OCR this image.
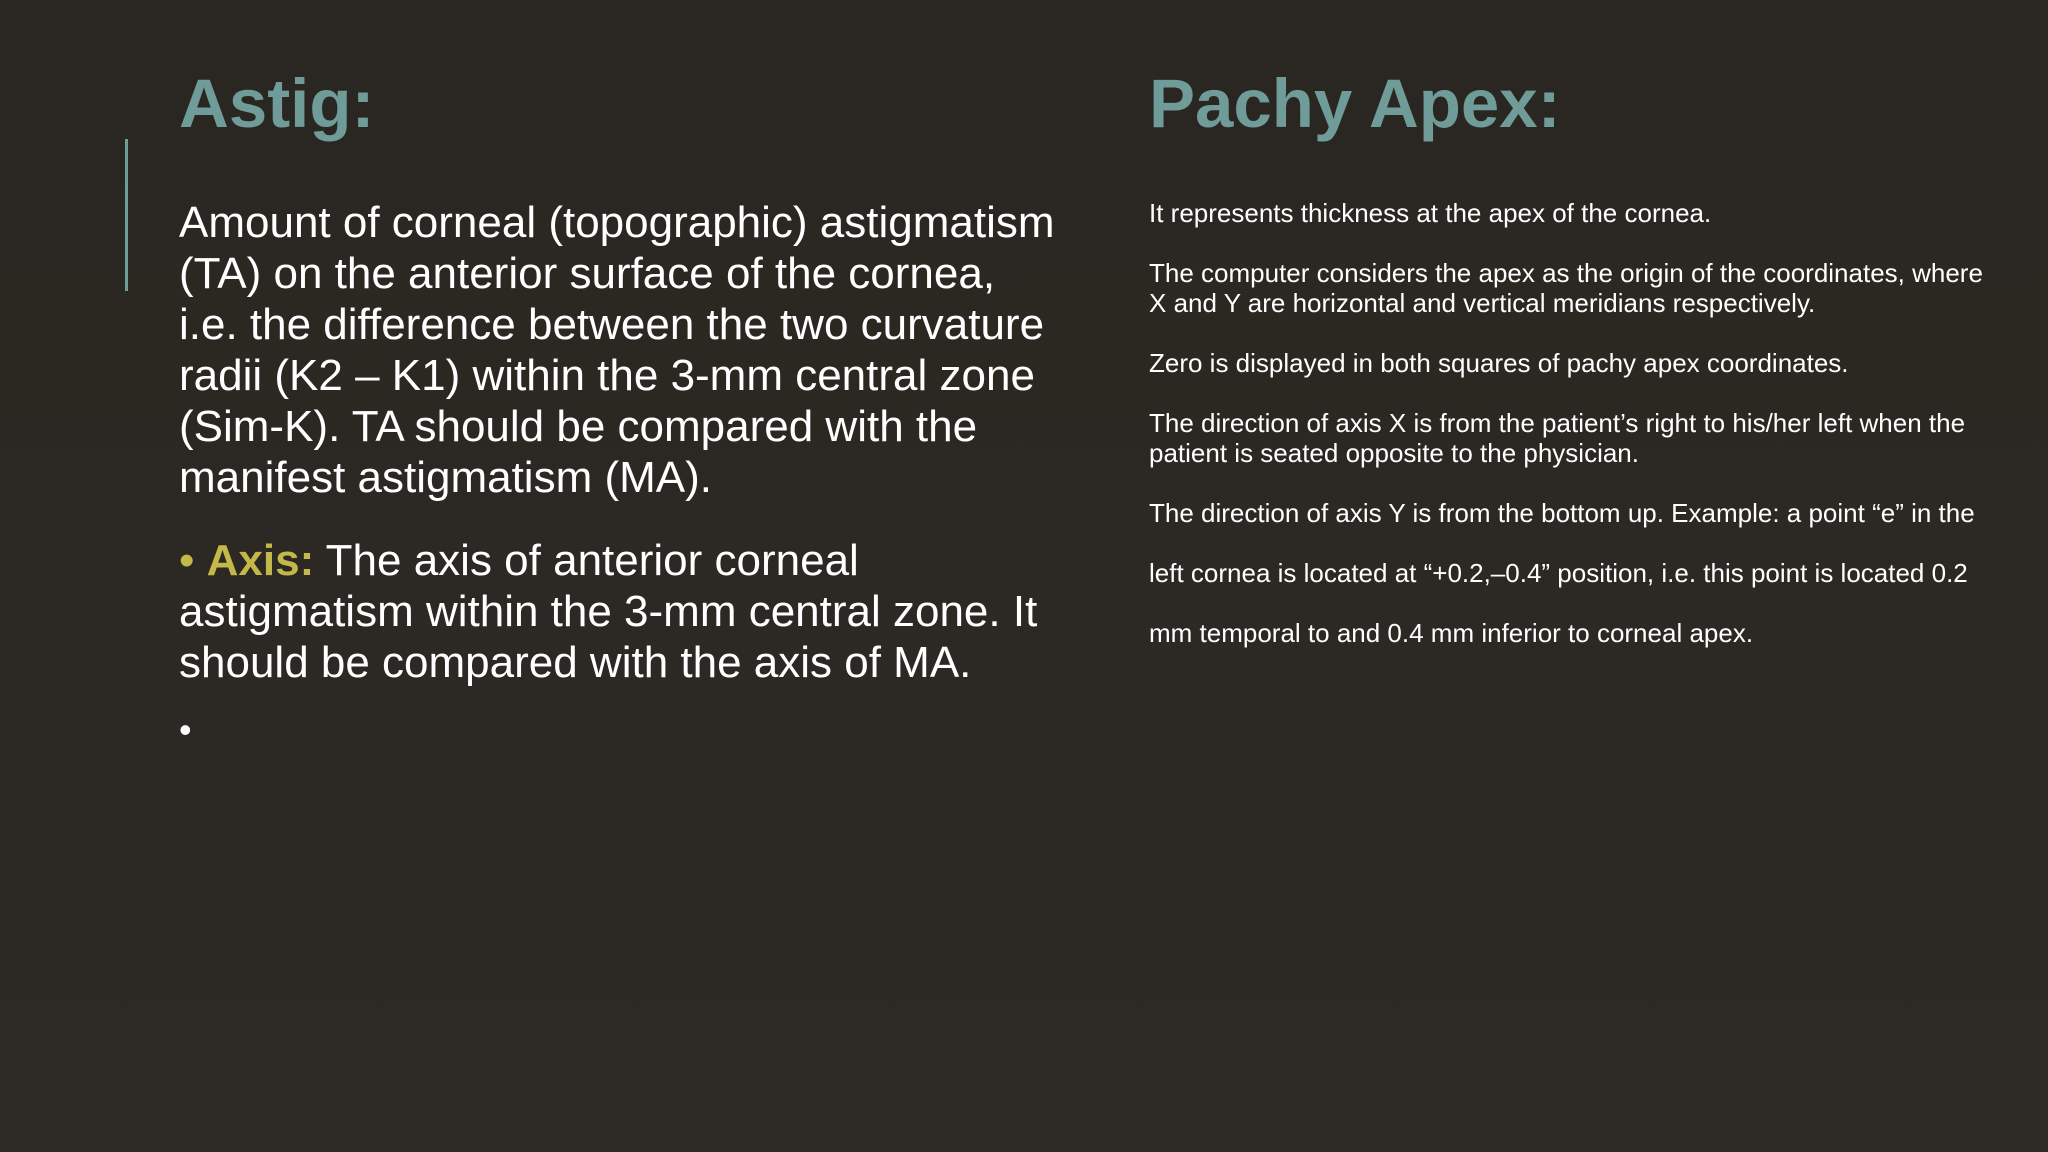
Astig:

Amount of corneal (topographic) astigmatism (TA) on the anterior surface of the cornea, i.e. the difference between the two curvature radii (K2 – K1) within the 3-mm central zone (Sim-K). TA should be compared with the manifest astigmatism (MA).

• Axis: The axis of anterior corneal astigmatism within the 3-mm central zone. It should be compared with the axis of MA.

•

Pachy Apex:

It represents thickness at the apex of the cornea.

The computer considers the apex as the origin of the coordinates, where X and Y are horizontal and vertical meridians respectively.

Zero is displayed in both squares of pachy apex coordinates.

The direction of axis X is from the patient’s right to his/her left when the patient is seated opposite to the physician.

The direction of axis Y is from the bottom up. Example: a point “e” in the left cornea is located at “+0.2,–0.4” position, i.e. this point is located 0.2 mm temporal to and 0.4 mm inferior to corneal apex.
